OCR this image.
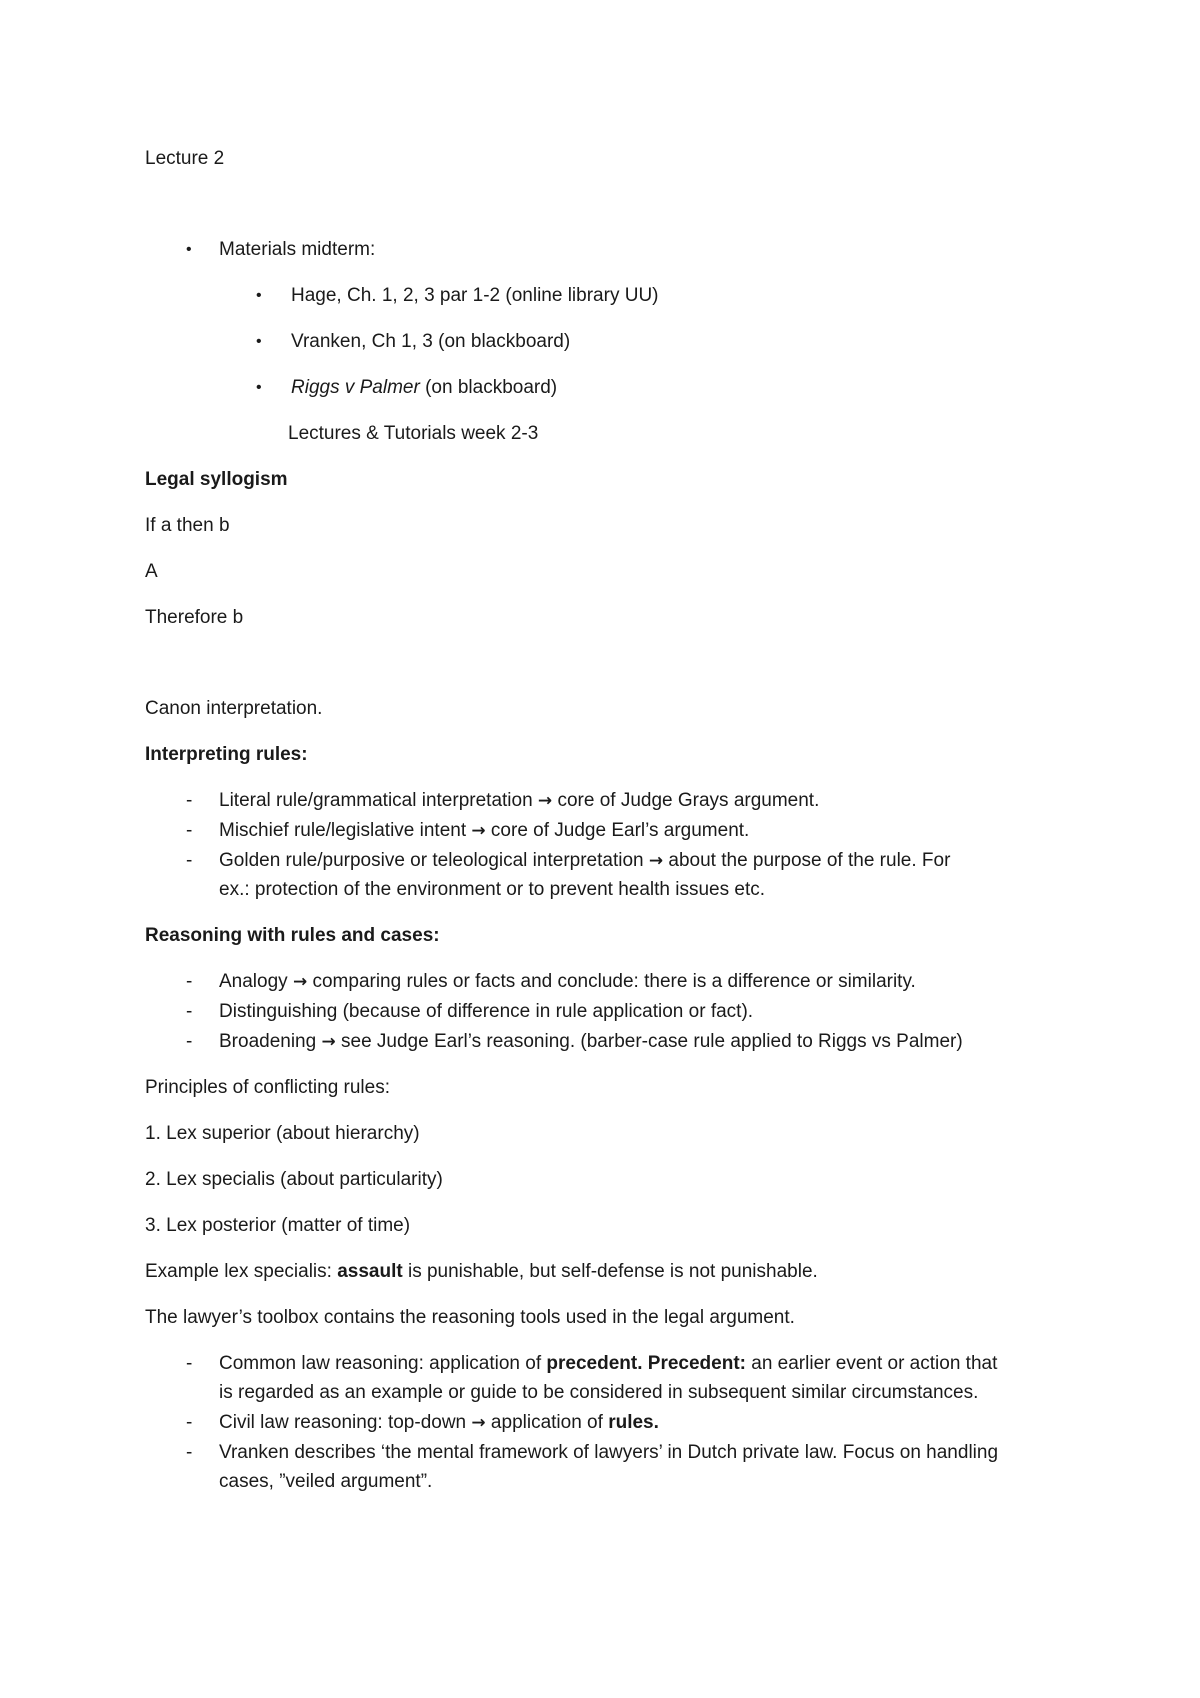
Lecture 2
• Materials midterm:
• Hage, Ch. 1, 2, 3 par 1-2 (online library UU)
• Vranken, Ch 1, 3 (on blackboard)
• Riggs v Palmer (on blackboard)
Lectures & Tutorials week 2-3
Legal syllogism
If a then b
A
Therefore b
Canon interpretation.
Interpreting rules:
- Literal rule/grammatical interpretation → core of Judge Grays argument.
- Mischief rule/legislative intent → core of Judge Earl’s argument.
- Golden rule/purposive or teleological interpretation → about the purpose of the rule. For
ex.: protection of the environment or to prevent health issues etc.
Reasoning with rules and cases:
- Analogy → comparing rules or facts and conclude: there is a difference or similarity.
- Distinguishing (because of difference in rule application or fact).
- Broadening → see Judge Earl’s reasoning. (barber-case rule applied to Riggs vs Palmer)
Principles of conflicting rules:
1. Lex superior (about hierarchy)
2. Lex specialis (about particularity)
3. Lex posterior (matter of time)
Example lex specialis: assault is punishable, but self-defense is not punishable.
The lawyer’s toolbox contains the reasoning tools used in the legal argument.
- Common law reasoning: application of precedent. Precedent: an earlier event or action that
is regarded as an example or guide to be considered in subsequent similar circumstances.
- Civil law reasoning: top-down → application of rules.
- Vranken describes ‘the mental framework of lawyers’ in Dutch private law. Focus on handling
cases, ”veiled argument”.
